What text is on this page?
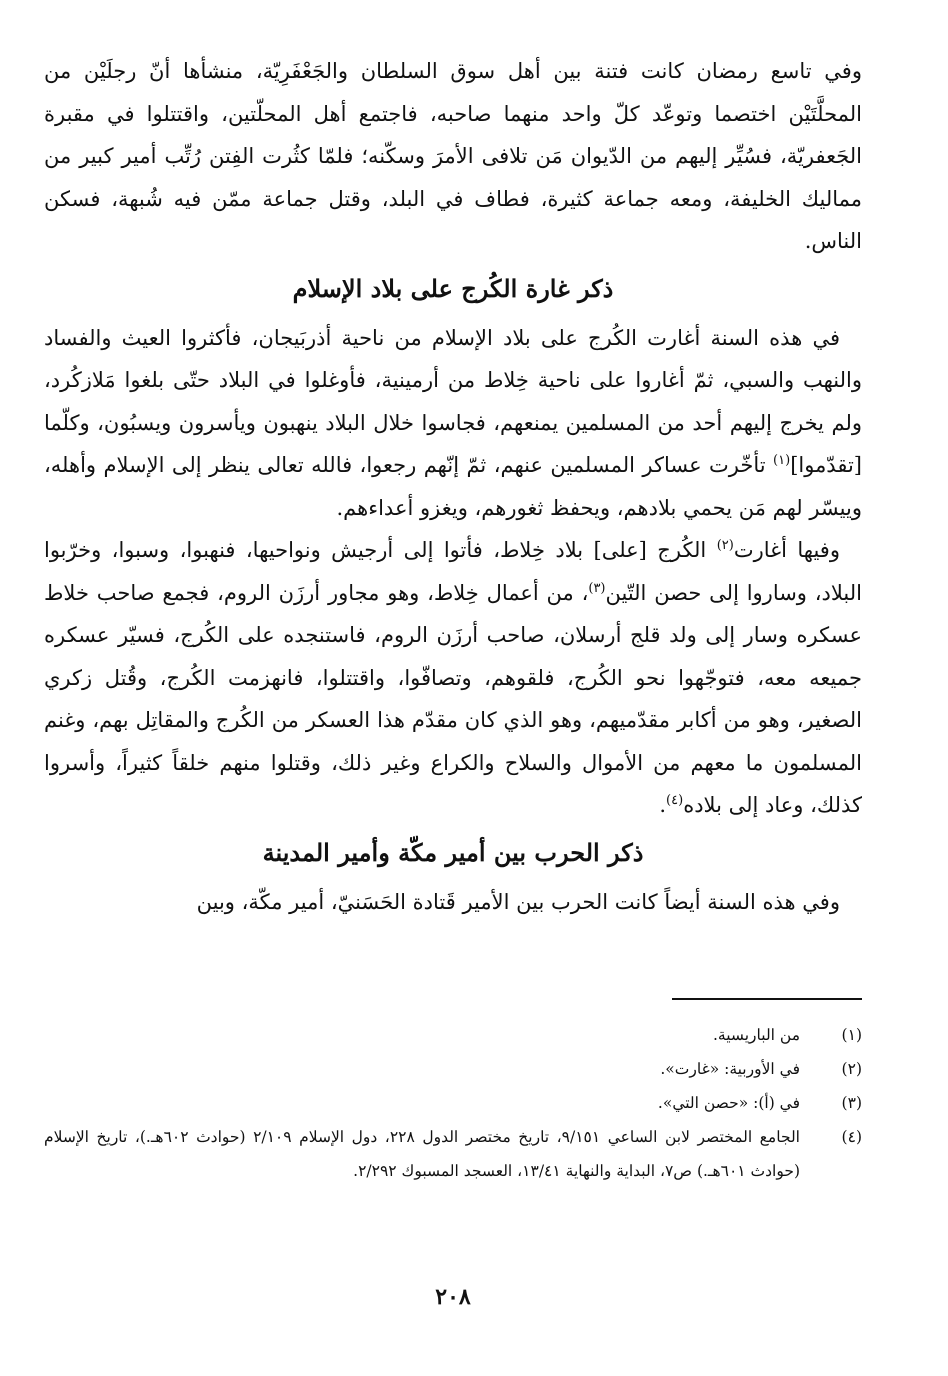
وفي تاسع رمضان كانت فتنة بين أهل سوق السلطان والجَعْفَرِيّة، منشأها أنّ رجلَيْن من المحلَّتَيْن اختصما وتوعّد كلّ واحد منهما صاحبه، فاجتمع أهل المحلّتين، واقتتلوا في مقبرة الجَعفريّة، فسُيِّر إليهم من الدّيوان مَن تلافى الأمرَ وسكّنه؛ فلمّا كثُرت الفِتن رُتِّب أمير كبير من مماليك الخليفة، ومعه جماعة كثيرة، فطاف في البلد، وقتل جماعة ممّن فيه شُبهة، فسكن الناس.

ذكر غارة الكُرج على بلاد الإسلام

في هذه السنة أغارت الكُرج على بلاد الإسلام من ناحية أذربَيجان، فأكثروا العيث والفساد والنهب والسبي، ثمّ أغاروا على ناحية خِلاط من أرمينية، فأوغلوا في البلاد حتّى بلغوا مَلازكُرد، ولم يخرج إليهم أحد من المسلمين يمنعهم، فجاسوا خلال البلاد ينهبون ويأسرون ويسبُون، وكلّما [تقدّموا]$^{(١)}$ تأخّرت عساكر المسلمين عنهم، ثمّ إنّهم رجعوا، فالله تعالى ينظر إلى الإسلام وأهله، وييسّر لهم مَن يحمي بلادهم، ويحفظ ثغورهم، ويغزو أعداءهم.

وفيها أغارت$^{(٢)}$ الكُرج [على] بلاد خِلاط، فأتوا إلى أرجيش ونواحيها، فنهبوا، وسبوا، وخرّبوا البلاد، وساروا إلى حصن التّين$^{(٣)}$، من أعمال خِلاط، وهو مجاور أرزَن الروم، فجمع صاحب خلاط عسكره وسار إلى ولد قلج أرسلان، صاحب أرزَن الروم، فاستنجده على الكُرج، فسيّر عسكره جميعه معه، فتوجّهوا نحو الكُرج، فلقوهم، وتصافّوا، واقتتلوا، فانهزمت الكُرج، وقُتل زكري الصغير، وهو من أكابر مقدّميهم، وهو الذي كان مقدّم هذا العسكر من الكُرج والمقاتِل بهم، وغنم المسلمون ما معهم من الأموال والسلاح والكراع وغير ذلك، وقتلوا منهم خلقاً كثيراً، وأسروا كذلك، وعاد إلى بلاده$^{(٤)}$.

ذكر الحرب بين أمير مكّة وأمير المدينة

وفي هذه السنة أيضاً كانت الحرب بين الأمير قَتادة الحَسَنيّ، أمير مكّة، وبين

(١)
من الباريسية.
(٢)
في الأوربية: «غارت».
(٣)
في (أ): «حصن التي».
(٤)
الجامع المختصر لابن الساعي ٩/١٥١، تاريخ مختصر الدول ٢٢٨، دول الإسلام ٢/١٠٩ (حوادث ٦٠٢هـ.)، تاريخ الإسلام (حوادث ٦٠١هـ.) ص٧، البداية والنهاية ١٣/٤١، العسجد المسبوك ٢/٢٩٢.
٢٠٨
